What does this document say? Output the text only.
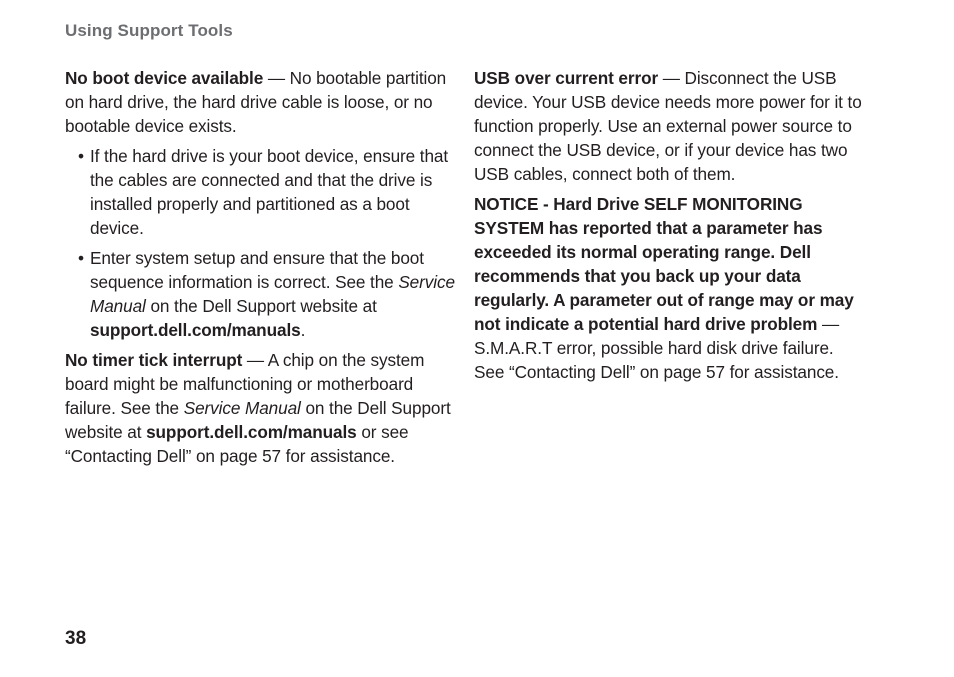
Using Support Tools

No boot device available — No bootable partition on hard drive, the hard drive cable is loose, or no bootable device exists.

• If the hard drive is your boot device, ensure that the cables are connected and that the drive is installed properly and partitioned as a boot device.
• Enter system setup and ensure that the boot sequence information is correct. See the Service Manual on the Dell Support website at support.dell.com/manuals.

No timer tick interrupt — A chip on the system board might be malfunctioning or motherboard failure. See the Service Manual on the Dell Support website at support.dell.com/manuals or see “Contacting Dell” on page 57 for assistance.

USB over current error — Disconnect the USB device. Your USB device needs more power for it to function properly. Use an external power source to connect the USB device, or if your device has two USB cables, connect both of them.

NOTICE - Hard Drive SELF MONITORING SYSTEM has reported that a parameter has exceeded its normal operating range. Dell recommends that you back up your data regularly. A parameter out of range may or may not indicate a potential hard drive problem — S.M.A.R.T error, possible hard disk drive failure. See “Contacting Dell” on page 57 for assistance.

38
